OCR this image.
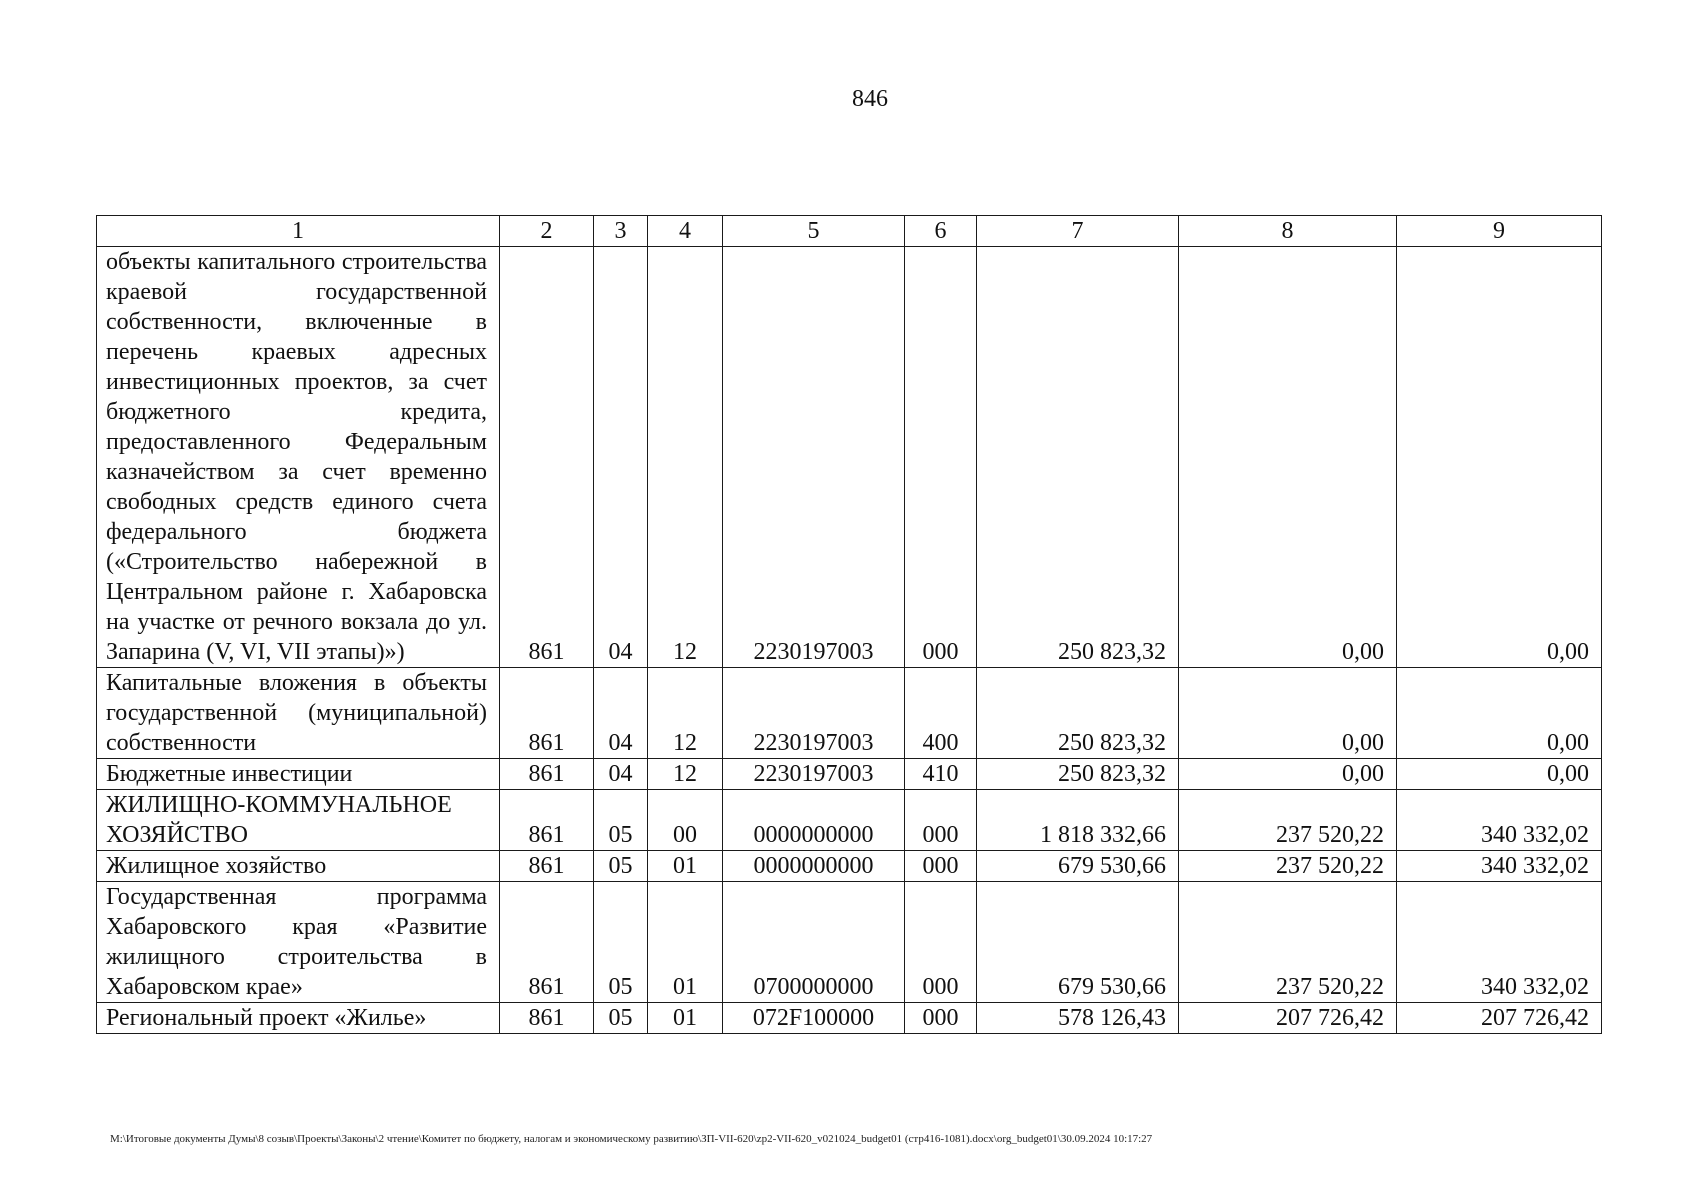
846
1	2	3	4	5	6	7	8	9
объекты капитального строительства краевой государственной собственности, включенные в перечень краевых адресных инвестиционных проектов, за счет бюджетного кредита, предоставленного Федеральным казначейством за счет временно свободных средств единого счета федерального бюджета («Строительство набережной в Центральном районе г. Хабаровска на участке от речного вокзала до ул. Запарина (V, VI, VII этапы)»)	861	04	12	2230197003	000	250 823,32	0,00	0,00
Капитальные вложения в объекты государственной (муниципальной) собственности	861	04	12	2230197003	400	250 823,32	0,00	0,00
Бюджетные инвестиции	861	04	12	2230197003	410	250 823,32	0,00	0,00
ЖИЛИЩНО-КОММУНАЛЬНОЕ ХОЗЯЙСТВО	861	05	00	0000000000	000	1 818 332,66	237 520,22	340 332,02
Жилищное хозяйство	861	05	01	0000000000	000	679 530,66	237 520,22	340 332,02
Государственная программа Хабаровского края «Развитие жилищного строительства в Хабаровском крае»	861	05	01	0700000000	000	679 530,66	237 520,22	340 332,02
Региональный проект «Жилье»	861	05	01	072F100000	000	578 126,43	207 726,42	207 726,42
M:\Итоговые документы Думы\8 созыв\Проекты\Законы\2 чтение\Комитет по бюджету, налогам и экономическому развитию\ЗП-VII-620\zp2-VII-620_v021024_budget01 (стр416-1081).docx\org_budget01\30.09.2024 10:17:27
